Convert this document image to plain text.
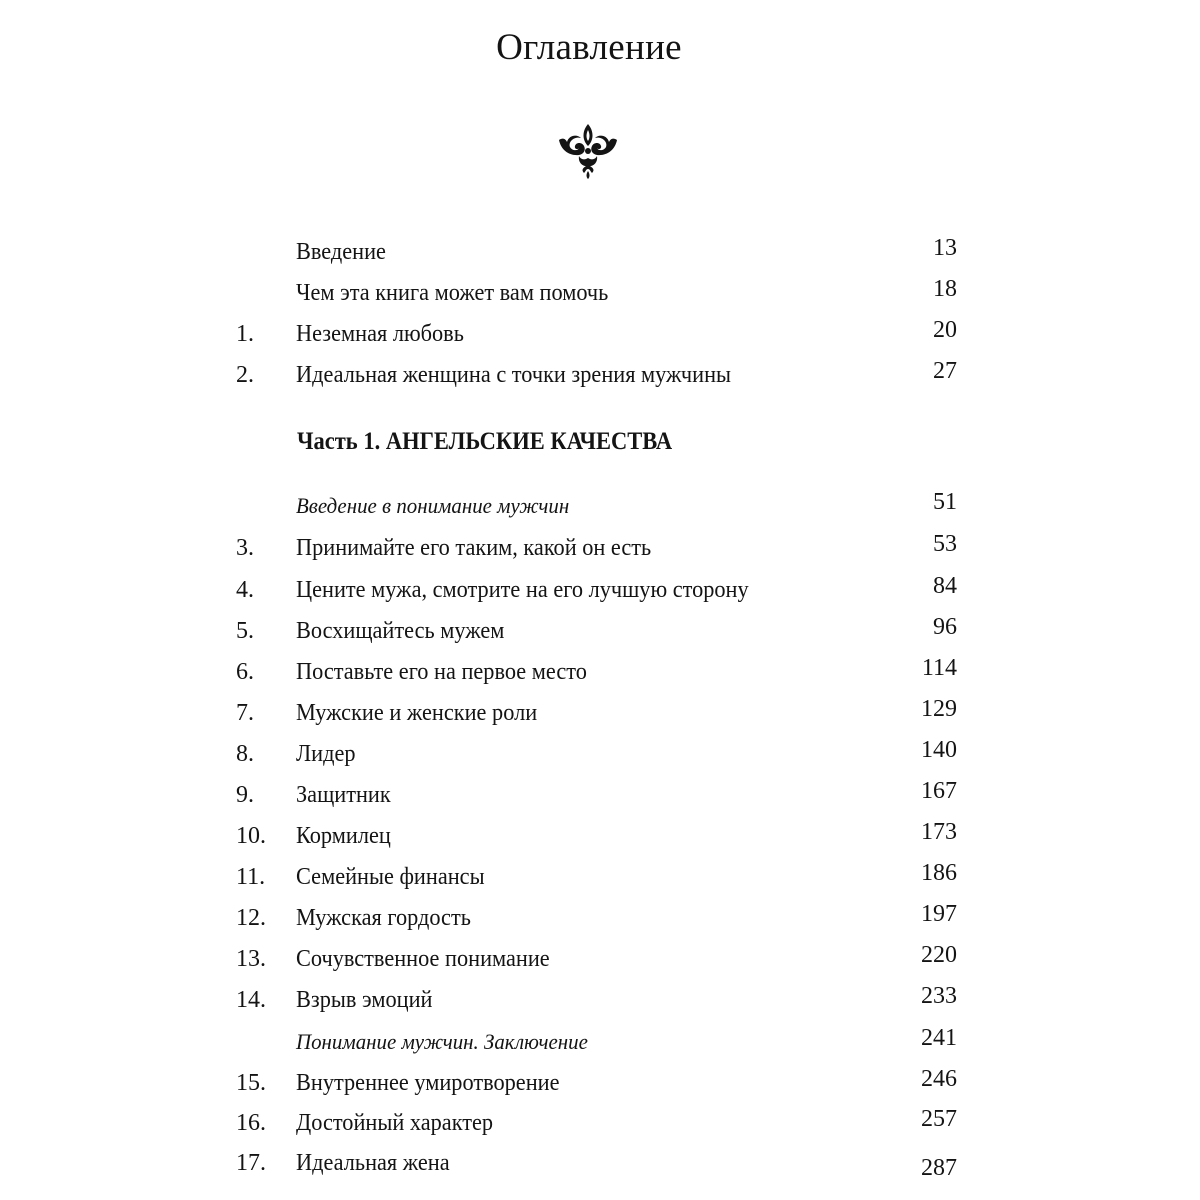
Оглавление
Введение	13
Чем эта книга может вам помочь	18
1.	Неземная любовь	20
2.	Идеальная женщина с точки зрения мужчины	27
Часть 1. АНГЕЛЬСКИЕ КАЧЕСТВА
Введение в понимание мужчин	51
3.	Принимайте его таким, какой он есть	53
4.	Цените мужа, смотрите на его лучшую сторону	84
5.	Восхищайтесь мужем	96
6.	Поставьте его на первое место	114
7.	Мужские и женские роли	129
8.	Лидер	140
9.	Защитник	167
10.	Кормилец	173
11.	Семейные финансы	186
12.	Мужская гордость	197
13.	Сочувственное понимание	220
14.	Взрыв эмоций	233
Понимание мужчин. Заключение	241
15.	Внутреннее умиротворение	246
16.	Достойный характер	257
17.	Идеальная жена	287
